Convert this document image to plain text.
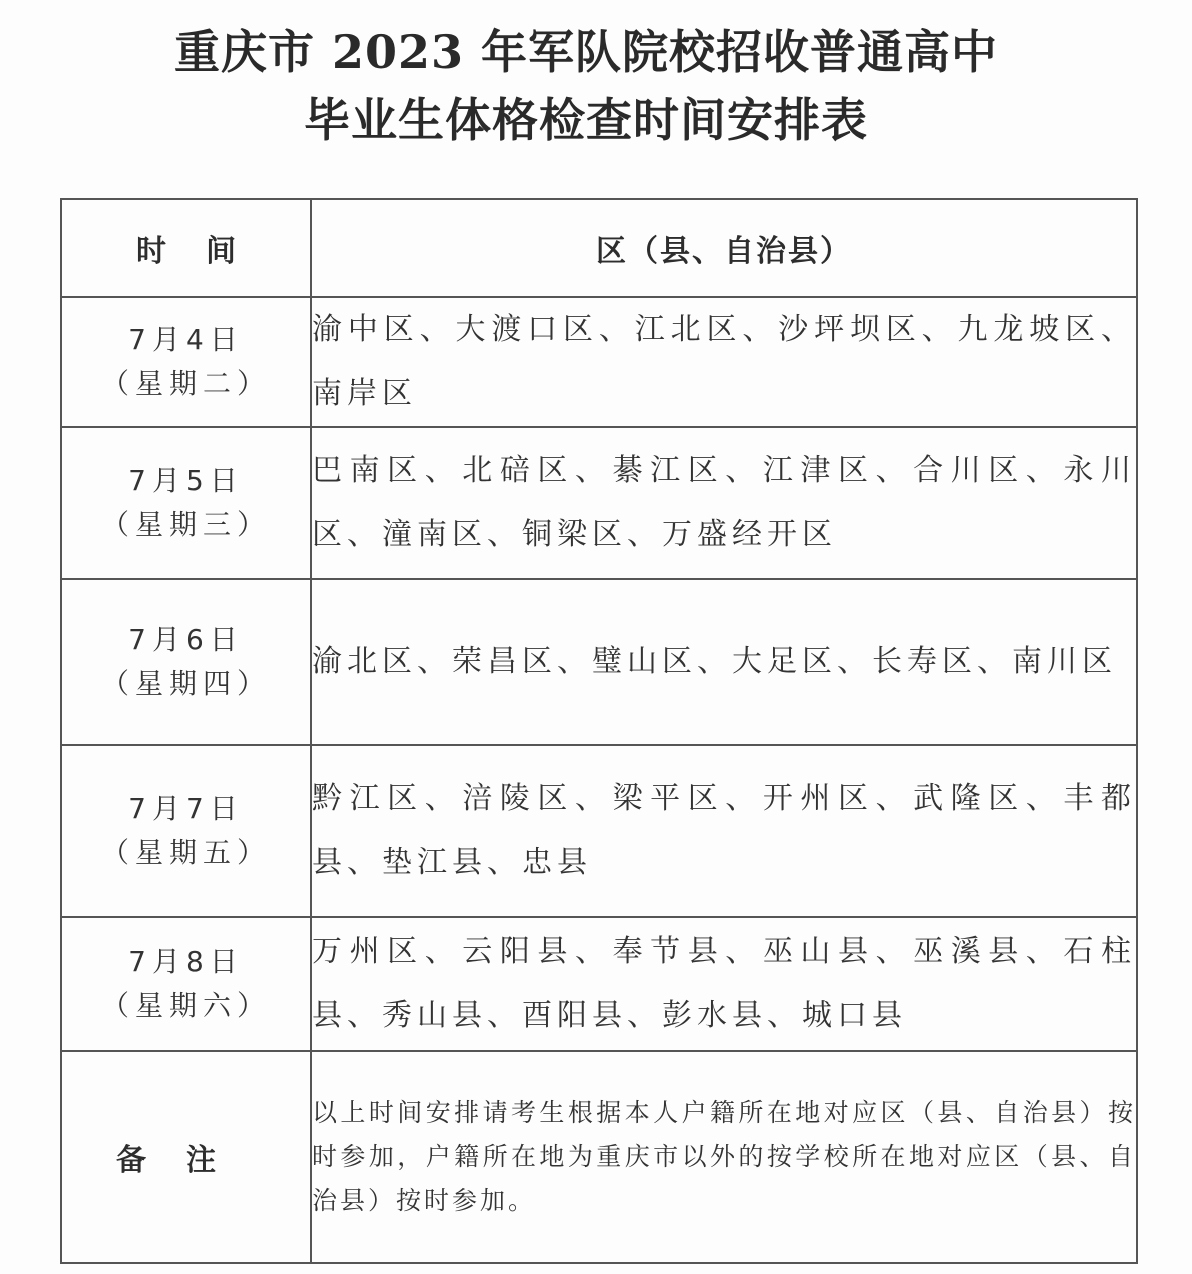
重庆市 2023 年军队院校招收普通高中
毕业生体格检查时间安排表
时间	区（县、自治县）

7月4日
（星期二）	渝中区、大渡口区、江北区、沙坪坝区、九龙坡区、南岸区

7月5日
（星期三）	巴南区、北碚区、綦江区、江津区、合川区、永川区、潼南区、铜梁区、万盛经开区

7月6日
（星期四）	渝北区、荣昌区、璧山区、大足区、长寿区、南川区

7月7日
（星期五）	黔江区、涪陵区、梁平区、开州区、武隆区、丰都县、垫江县、忠县

7月8日
（星期六）	万州区、云阳县、奉节县、巫山县、巫溪县、石柱县、秀山县、酉阳县、彭水县、城口县
备注	以上时间安排请考生根据本人户籍所在地对应区（县、自治县）按时参加，户籍所在地为重庆市以外的按学校所在地对应区（县、自治县）按时参加。
